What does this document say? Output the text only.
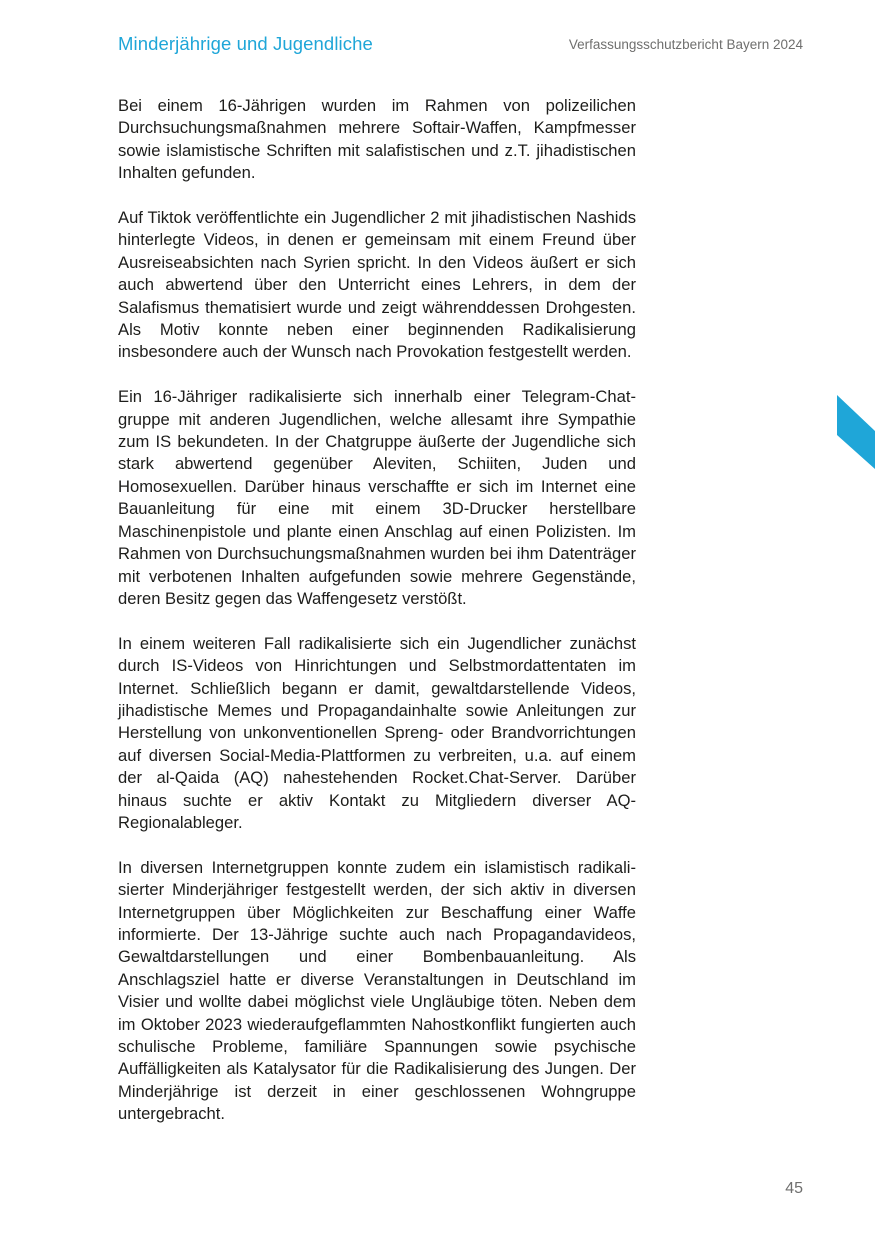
Minderjährige und Jugendliche	Verfassungsschutzbericht Bayern 2024

Bei einem 16-Jährigen wurden im Rahmen von polizeilichen Durchsuchungsmaßnahmen mehrere Softair-Waffen, Kampfmesser sowie islamistische Schriften mit salafistischen und z.T. jihadistischen Inhalten gefunden.

Auf Tiktok veröffentlichte ein Jugendlicher 2 mit jihadistischen Nashids hinterlegte Videos, in denen er gemeinsam mit einem Freund über Ausreiseabsichten nach Syrien spricht. In den Videos äußert er sich auch abwertend über den Unterricht eines Lehrers, in dem der Salafismus thematisiert wurde und zeigt währenddessen Drohgesten. Als Motiv konnte neben einer beginnenden Radikalisierung insbesondere auch der Wunsch nach Provokation festgestellt werden.

Ein 16-Jähriger radikalisierte sich innerhalb einer Telegram-Chatgruppe mit anderen Jugendlichen, welche allesamt ihre Sympathie zum IS bekundeten. In der Chatgruppe äußerte der Jugendliche sich stark abwertend gegenüber Aleviten, Schiiten, Juden und Homosexuellen. Darüber hinaus verschaffte er sich im Internet eine Bauanleitung für eine mit einem 3D-Drucker herstellbare Maschinenpistole und plante einen Anschlag auf einen Polizisten. Im Rahmen von Durchsuchungsmaßnahmen wurden bei ihm Datenträger mit verbotenen Inhalten aufgefunden sowie mehrere Gegenstände, deren Besitz gegen das Waffengesetz verstößt.

In einem weiteren Fall radikalisierte sich ein Jugendlicher zunächst durch IS-Videos von Hinrichtungen und Selbstmordattentaten im Internet. Schließlich begann er damit, gewaltdarstellende Videos, jihadistische Memes und Propagandainhalte sowie Anleitungen zur Herstellung von unkonventionellen Spreng- oder Brandvorrichtungen auf diversen Social-Media-Plattformen zu verbreiten, u.a. auf einem der al-Qaida (AQ) nahestehenden Rocket.Chat-Server. Darüber hinaus suchte er aktiv Kontakt zu Mitgliedern diverser AQ-Regionalableger.

In diversen Internetgruppen konnte zudem ein islamistisch radikalisierter Minderjähriger festgestellt werden, der sich aktiv in diversen Internetgruppen über Möglichkeiten zur Beschaffung einer Waffe informierte. Der 13-Jährige suchte auch nach Propagandavideos, Gewaltdarstellungen und einer Bombenbauanleitung. Als Anschlagsziel hatte er diverse Veranstaltungen in Deutschland im Visier und wollte dabei möglichst viele Ungläubige töten. Neben dem im Oktober 2023 wiederaufgeflammten Nahostkonflikt fungierten auch schulische Probleme, familiäre Spannungen sowie psychische Auffälligkeiten als Katalysator für die Radikalisierung des Jungen. Der Minderjährige ist derzeit in einer geschlossenen Wohngruppe untergebracht.

45
